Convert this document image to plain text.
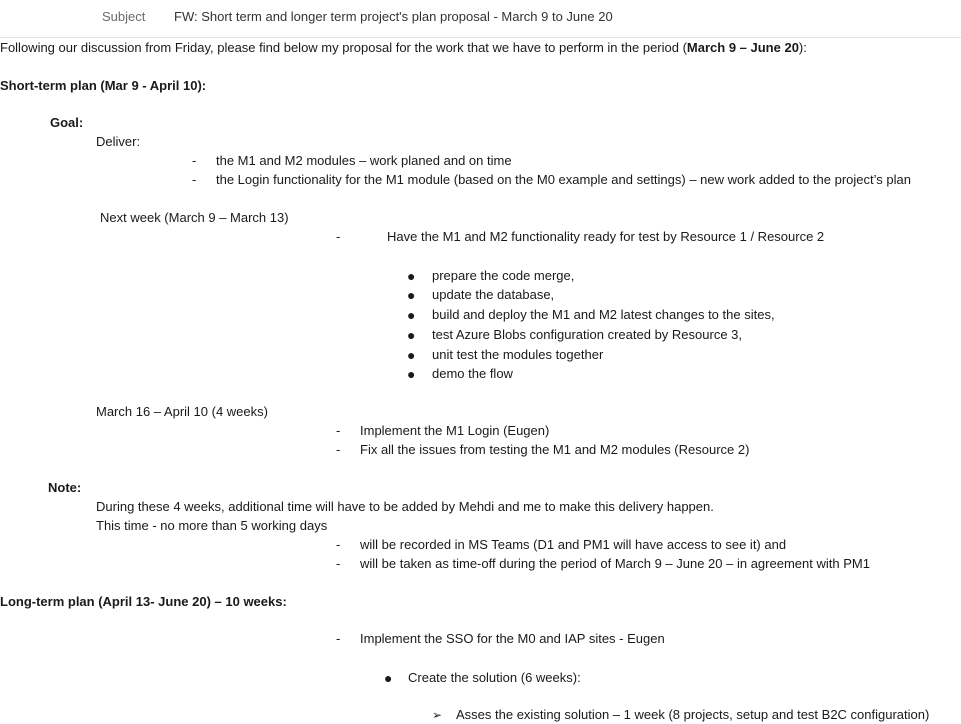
Subject FW: Short term and longer term project's plan proposal - March 9 to June 20
Following our discussion from Friday, please find below my proposal for the work that we have to perform in the period (March 9 – June 20):
Short-term plan (Mar 9 - April 10):
Goal:
Deliver:
- the M1 and M2 modules – work planed and on time
- the Login functionality for the M1 module (based on the M0 example and settings) – new work added to the project’s plan
Next week (March 9 – March 13)
-	Have the M1 and M2 functionality ready for test by Resource 1 / Resource 2
● prepare the code merge,
● update the database,
● build and deploy the M1 and M2 latest changes to the sites,
● test Azure Blobs configuration created by Resource 3,
● unit test the modules together
● demo the flow
March 16 – April 10 (4 weeks)
- Implement the M1 Login (Eugen)
- Fix all the issues from testing the M1 and M2 modules (Resource 2)
Note:
During these 4 weeks, additional time will have to be added by Mehdi and me to make this delivery happen.
This time - no more than 5 working days
- will be recorded in MS Teams (D1 and PM1 will have access to see it) and
- will be taken as time-off during the period of March 9 – June 20 – in agreement with PM1
Long-term plan (April 13- June 20) – 10 weeks:
- Implement the SSO for the M0 and IAP sites - Eugen
● Create the solution (6 weeks):
➢ Asses the existing solution – 1 week (8 projects, setup and test B2C configuration)
